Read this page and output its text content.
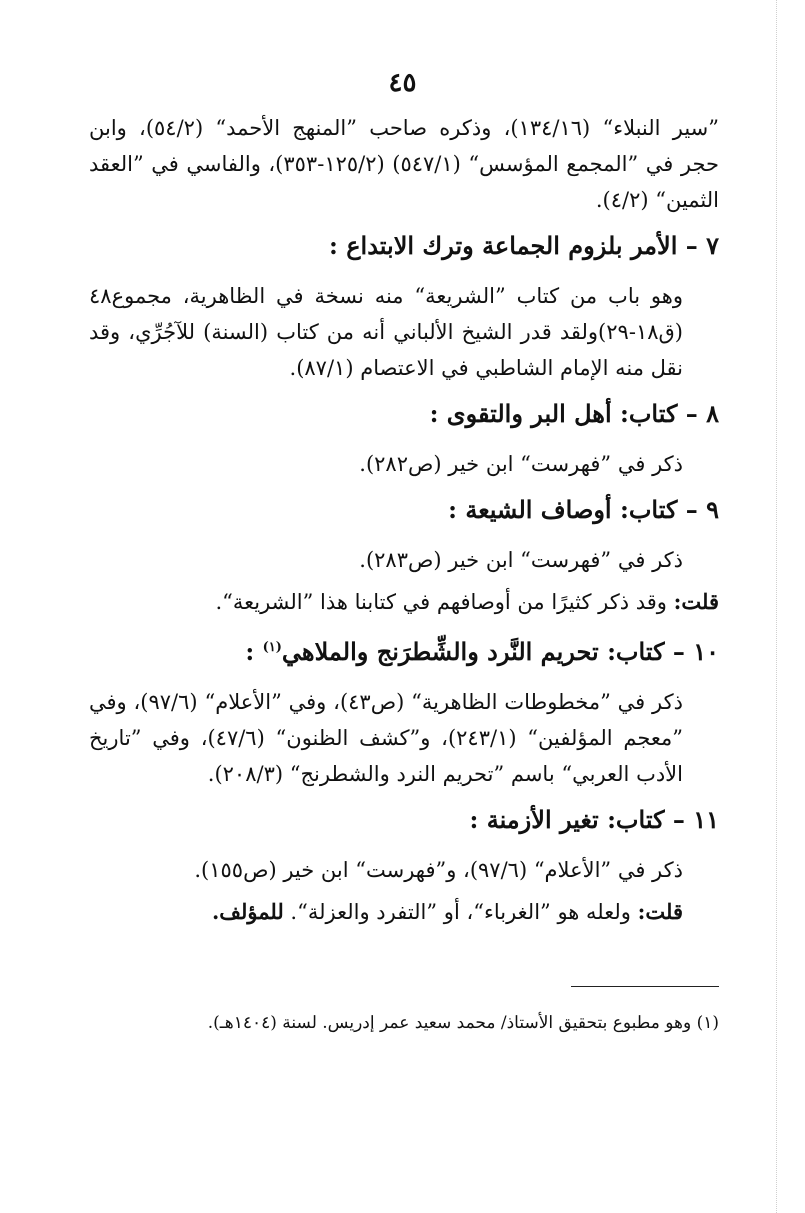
٤٥

”سير النبلاء“ (١٣٤/١٦)، وذكره صاحب ”المنهج الأحمد“ (٥٤/٢)، وابن حجر في ”المجمع المؤسس“ (٥٤٧/١) (١٢٥/٢-٣٥٣)، والفاسي في ”العقد الثمين“ (٤/٢).

٧ – الأمر بلزوم الجماعة وترك الابتداع :

وهو باب من كتاب ”الشريعة“ منه نسخة في الظاهرية، مجموع٤٨ (ق١٨-٢٩)ولقد قدر الشيخ الألباني أنه من كتاب (السنة) للآجُرِّي، وقد نقل منه الإمام الشاطبي في الاعتصام (٨٧/١).

٨ – كتاب: أهل البر والتقوى :

ذكر في ”فهرست“ ابن خير (ص٢٨٢).

٩ – كتاب: أوصاف الشيعة :

ذكر في ”فهرست“ ابن خير (ص٢٨٣).

قلت: وقد ذكر كثيرًا من أوصافهم في كتابنا هذا ”الشريعة“.

١٠ – كتاب: تحريم النَّرد والشِّطرَنج والملاهي$^{(١)}$ :

ذكر في ”مخطوطات الظاهرية“ (ص٤٣)، وفي ”الأعلام“ (٩٧/٦)، وفي ”معجم المؤلفين“ (٢٤٣/١)، و”كشف الظنون“ (٤٧/٦)، وفي ”تاريخ الأدب العربي“ باسم ”تحريم النرد والشطرنج“ (٢٠٨/٣).

١١ – كتاب: تغير الأزمنة :

ذكر في ”الأعلام“ (٩٧/٦)، و”فهرست“ ابن خير (ص١٥٥).

قلت: ولعله هو ”الغرباء“، أو ”التفرد والعزلة“. للمؤلف.

(١) وهو مطبوع بتحقيق الأستاذ/ محمد سعيد عمر إدريس. لسنة (١٤٠٤هـ).
